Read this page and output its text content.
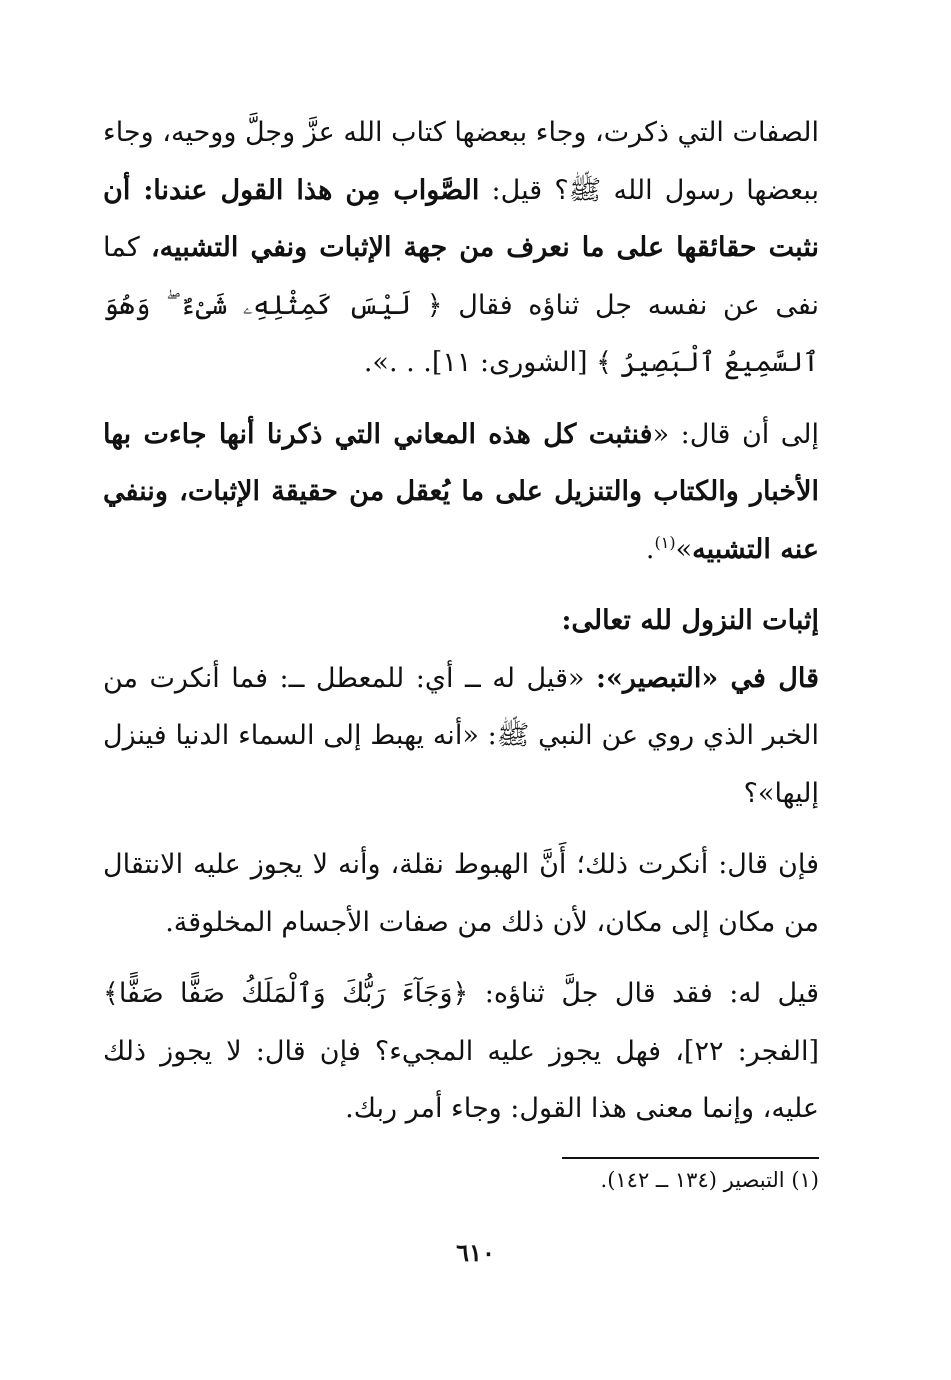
الصفات التي ذكرت، وجاء ببعضها كتاب الله عزَّ وجلَّ ووحيه، وجاء ببعضها رسول الله ﷺ؟ قيل: الصَّواب مِن هذا القول عندنا: أن نثبت حقائقها على ما نعرف من جهة الإثبات ونفي التشبيه، كما نفى عن نفسه جل ثناؤه فقال ﴿ لَيْسَ كَمِثْلِهِۦ شَىْءٌ ۖ وَهُوَ ٱلسَّمِيعُ ٱلْبَصِيرُ ﴾ [الشورى: ١١]. . .».

إلى أن قال: «فنثبت كل هذه المعاني التي ذكرنا أنها جاءت بها الأخبار والكتاب والتنزيل على ما يُعقل من حقيقة الإثبات، وننفي عنه التشبيه»$^{(١)}$.

إثبات النزول لله تعالى:

قال في «التبصير»: «قيل له ــ أي: للمعطل ــ: فما أنكرت من الخبر الذي روي عن النبي ﷺ: «أنه يهبط إلى السماء الدنيا فينزل إليها»؟

فإن قال: أنكرت ذلك؛ أَنَّ الهبوط نقلة، وأنه لا يجوز عليه الانتقال من مكان إلى مكان، لأن ذلك من صفات الأجسام المخلوقة.

قيل له: فقد قال جلَّ ثناؤه: ﴿وَجَآءَ رَبُّكَ وَٱلْمَلَكُ صَفًّا صَفًّا﴾ [الفجر: ٢٢]، فهل يجوز عليه المجيء؟ فإن قال: لا يجوز ذلك عليه، وإنما معنى هذا القول: وجاء أمر ربك.

(١) التبصير (١٣٤ ــ ١٤٢).
٦١٠
